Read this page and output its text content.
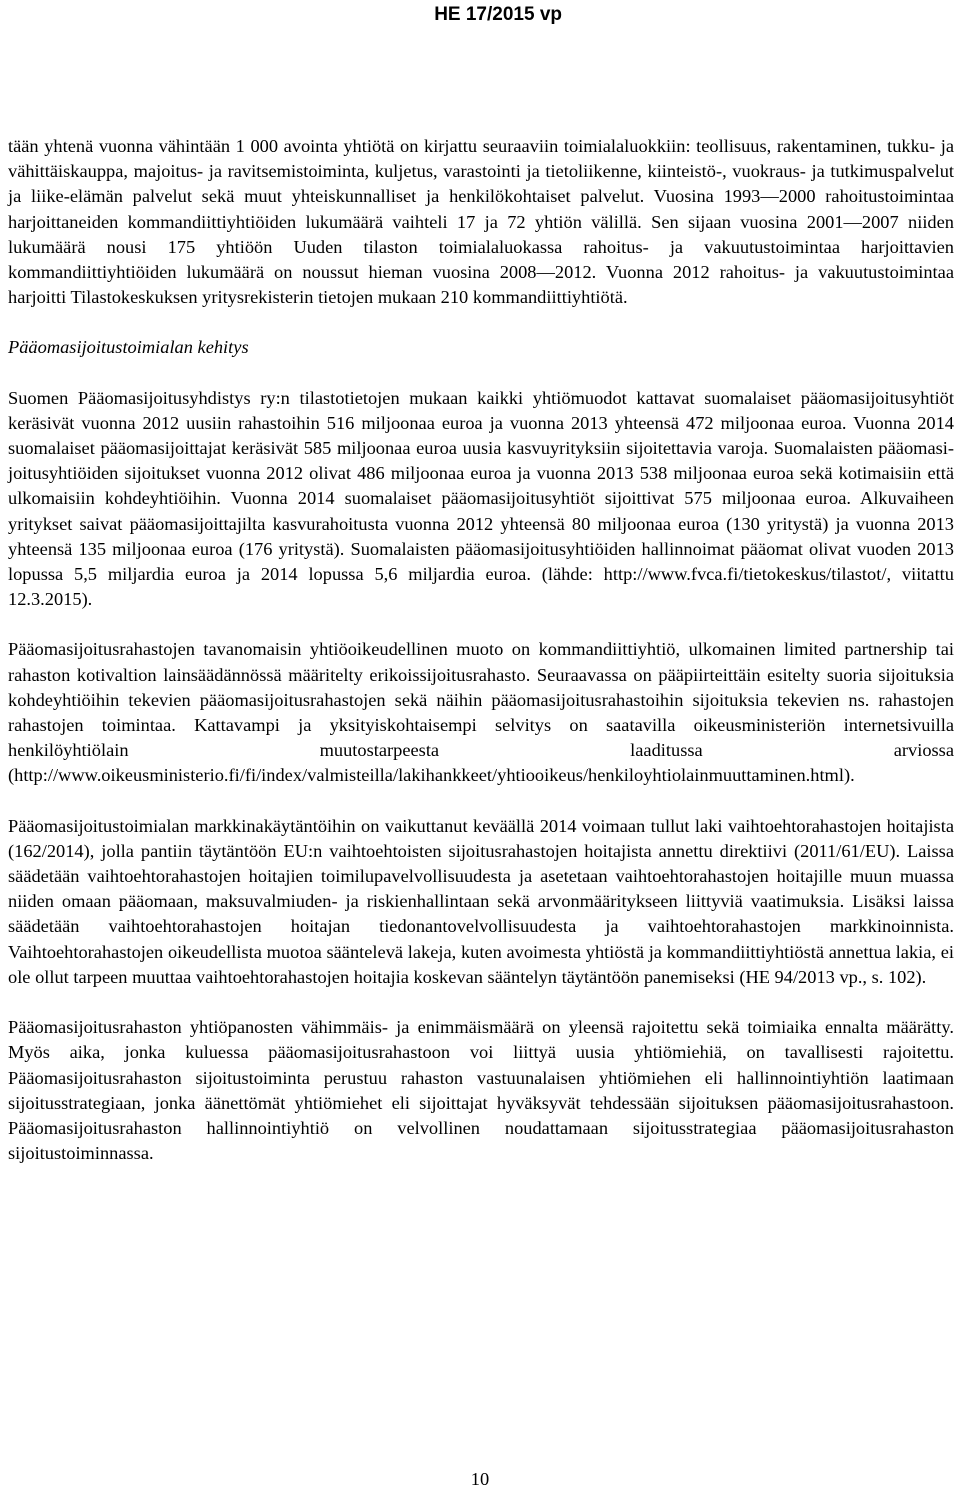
HE 17/2015 vp

tään yhtenä vuonna vähintään 1 000 avointa yhtiötä on kirjattu seuraaviin toimialaluokkiin: teollisuus, rakentaminen, tukku- ja vähittäiskauppa, majoitus- ja ravitsemistoiminta, kuljetus, varastointi ja tietoliikenne, kiinteistö-, vuokraus- ja tutkimuspalvelut ja liike-elämän palvelut sekä muut yhteiskunnalliset ja henkilökohtaiset palvelut. Vuosina 1993—2000 rahoitustoimintaa harjoittaneiden kommandiittiyhtiöiden lukumäärä vaihteli 17 ja 72 yhtiön välillä. Sen sijaan vuosina 2001—2007 niiden lukumäärä nousi 175 yhtiöön Uuden tilaston toimialaluokassa rahoitus- ja vakuutustoimintaa harjoittavien kommandiittiyhtiöiden lukumäärä on noussut hieman vuosina 2008—2012. Vuonna 2012 rahoitus- ja vakuutustoimintaa harjoitti Tilastokeskuksen yritysrekisterin tietojen mukaan 210 kommandiittiyhtiötä.

Pääomasijoitustoimialan kehitys

Suomen Pääomasijoitusyhdistys ry:n tilastotietojen mukaan kaikki yhtiömuodot kattavat suomalaiset pääomasijoitusyhtiöt keräsivät vuonna 2012 uusiin rahastoihin 516 miljoonaa euroa ja vuonna 2013 yhteensä 472 miljoonaa euroa. Vuonna 2014 suomalaiset pääomasijoittajat keräsivät 585 miljoonaa euroa uusia kasvuyrityksiin sijoitettavia varoja. Suomalaisten pääomasijoitusyhtiöiden sijoitukset vuonna 2012 olivat 486 miljoonaa euroa ja vuonna 2013 538 miljoonaa euroa sekä kotimaisiin että ulkomaisiin kohdeyhtiöihin. Vuonna 2014 suomalaiset pääomasijoitusyhtiöt sijoittivat 575 miljoonaa euroa. Alkuvaiheen yritykset saivat pääomasijoittajilta kasvurahoitusta vuonna 2012 yhteensä 80 miljoonaa euroa (130 yritystä) ja vuonna 2013 yhteensä 135 miljoonaa euroa (176 yritystä). Suomalaisten pääomasijoitusyhtiöiden hallinnoimat pääomat olivat vuoden 2013 lopussa 5,5 miljardia euroa ja 2014 lopussa 5,6 miljardia euroa. (lähde: http://www.fvca.fi/tietokeskus/tilastot/, viitattu 12.3.2015).

Pääomasijoitusrahastojen tavanomaisin yhtiöoikeudellinen muoto on kommandiittiyhtiö, ulkomainen limited partnership tai rahaston kotivaltion lainsäädännössä määritelty erikoissijoitusrahasto. Seuraavassa on pääpiirteittäin esitelty suoria sijoituksia kohdeyhtiöihin tekevien pääomasijoitusrahastojen sekä näihin pääomasijoitusrahastoihin sijoituksia tekevien ns. rahastojen rahastojen toimintaa. Kattavampi ja yksityiskohtaisempi selvitys on saatavilla oikeusministeriön internetsivuilla henkilöyhtiölain muutostarpeesta laaditussa arviossa (http://www.oikeusministerio.fi/fi/index/valmisteilla/lakihankkeet/yhtiooikeus/henkiloyhtiolai​nmuuttaminen.html).

Pääomasijoitustoimialan markkinakäytäntöihin on vaikuttanut keväällä 2014 voimaan tullut laki vaihtoehtorahastojen hoitajista (162/2014), jolla pantiin täytäntöön EU:n vaihtoehtoisten sijoitusrahastojen hoitajista annettu direktiivi (2011/61/EU). Laissa säädetään vaihtoehtorahastojen hoitajien toimilupavelvollisuudesta ja asetetaan vaihtoehtorahastojen hoitajille muun muassa niiden omaan pääomaan, maksuvalmiuden- ja riskienhallintaan sekä arvonmääritykseen liittyviä vaatimuksia. Lisäksi laissa säädetään vaihtoehtorahastojen hoitajan tiedonantovelvollisuudesta ja vaihtoehtorahastojen markkinoinnista. Vaihtoehtorahastojen oikeudellista muotoa sääntelevä lakeja, kuten avoimesta yhtiöstä ja kommandiittiyhtiöstä annettua lakia, ei ole ollut tarpeen muuttaa vaihtoehtorahastojen hoitajia koskevan sääntelyn täytäntöön panemiseksi (HE 94/2013 vp., s. 102).

Pääomasijoitusrahaston yhtiöpanosten vähimmäis- ja enimmäismäärä on yleensä rajoitettu sekä toimiaika ennalta määrätty. Myös aika, jonka kuluessa pääomasijoitusrahastoon voi liittyä uusia yhtiömiehiä, on tavallisesti rajoitettu. Pääomasijoitusrahaston sijoitustoiminta perustuu rahaston vastuunalaisen yhtiömiehen eli hallinnointiyhtiön laatimaan sijoitusstrategiaan, jonka äänettömät yhtiömiehet eli sijoittajat hyväksyvät tehdessään sijoituksen pääomasijoitusrahastoon. Pääomasijoitusrahaston hallinnointiyhtiö on velvollinen noudattamaan sijoitusstrategiaa pääomasijoitusrahaston sijoitustoiminnassa.

10
